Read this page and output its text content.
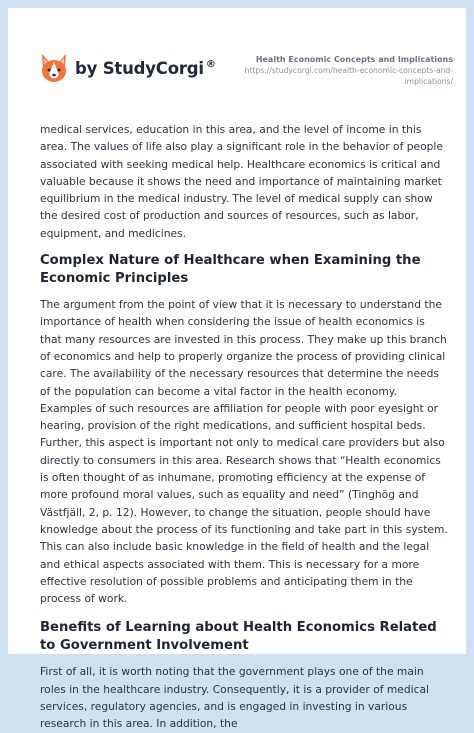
by StudyCorgi ®	Health Economic Concepts and Implications
https://studycorgi.com/health-economic-concepts-and-implications/

medical services, education in this area, and the level of income in this area. The values of life also play a significant role in the behavior of people associated with seeking medical help. Healthcare economics is critical and valuable because it shows the need and importance of maintaining market equilibrium in the medical industry. The level of medical supply can show the desired cost of production and sources of resources, such as labor, equipment, and medicines.

Complex Nature of Healthcare when Examining the Economic Principles

The argument from the point of view that it is necessary to understand the importance of health when considering the issue of health economics is that many resources are invested in this process. They make up this branch of economics and help to properly organize the process of providing clinical care. The availability of the necessary resources that determine the needs of the population can become a vital factor in the health economy. Examples of such resources are affiliation for people with poor eyesight or hearing, provision of the right medications, and sufficient hospital beds. Further, this aspect is important not only to medical care providers but also directly to consumers in this area. Research shows that “Health economics is often thought of as inhumane, promoting efficiency at the expense of more profound moral values, such as equality and need” (Tinghög and Västfjäll, 2, p. 12). However, to change the situation, people should have knowledge about the process of its functioning and take part in this system. This can also include basic knowledge in the field of health and the legal and ethical aspects associated with them. This is necessary for a more effective resolution of possible problems and anticipating them in the process of work.

Benefits of Learning about Health Economics Related to Government Involvement

First of all, it is worth noting that the government plays one of the main roles in the healthcare industry. Consequently, it is a provider of medical services, regulatory agencies, and is engaged in investing in various research in this area. In addition, the
